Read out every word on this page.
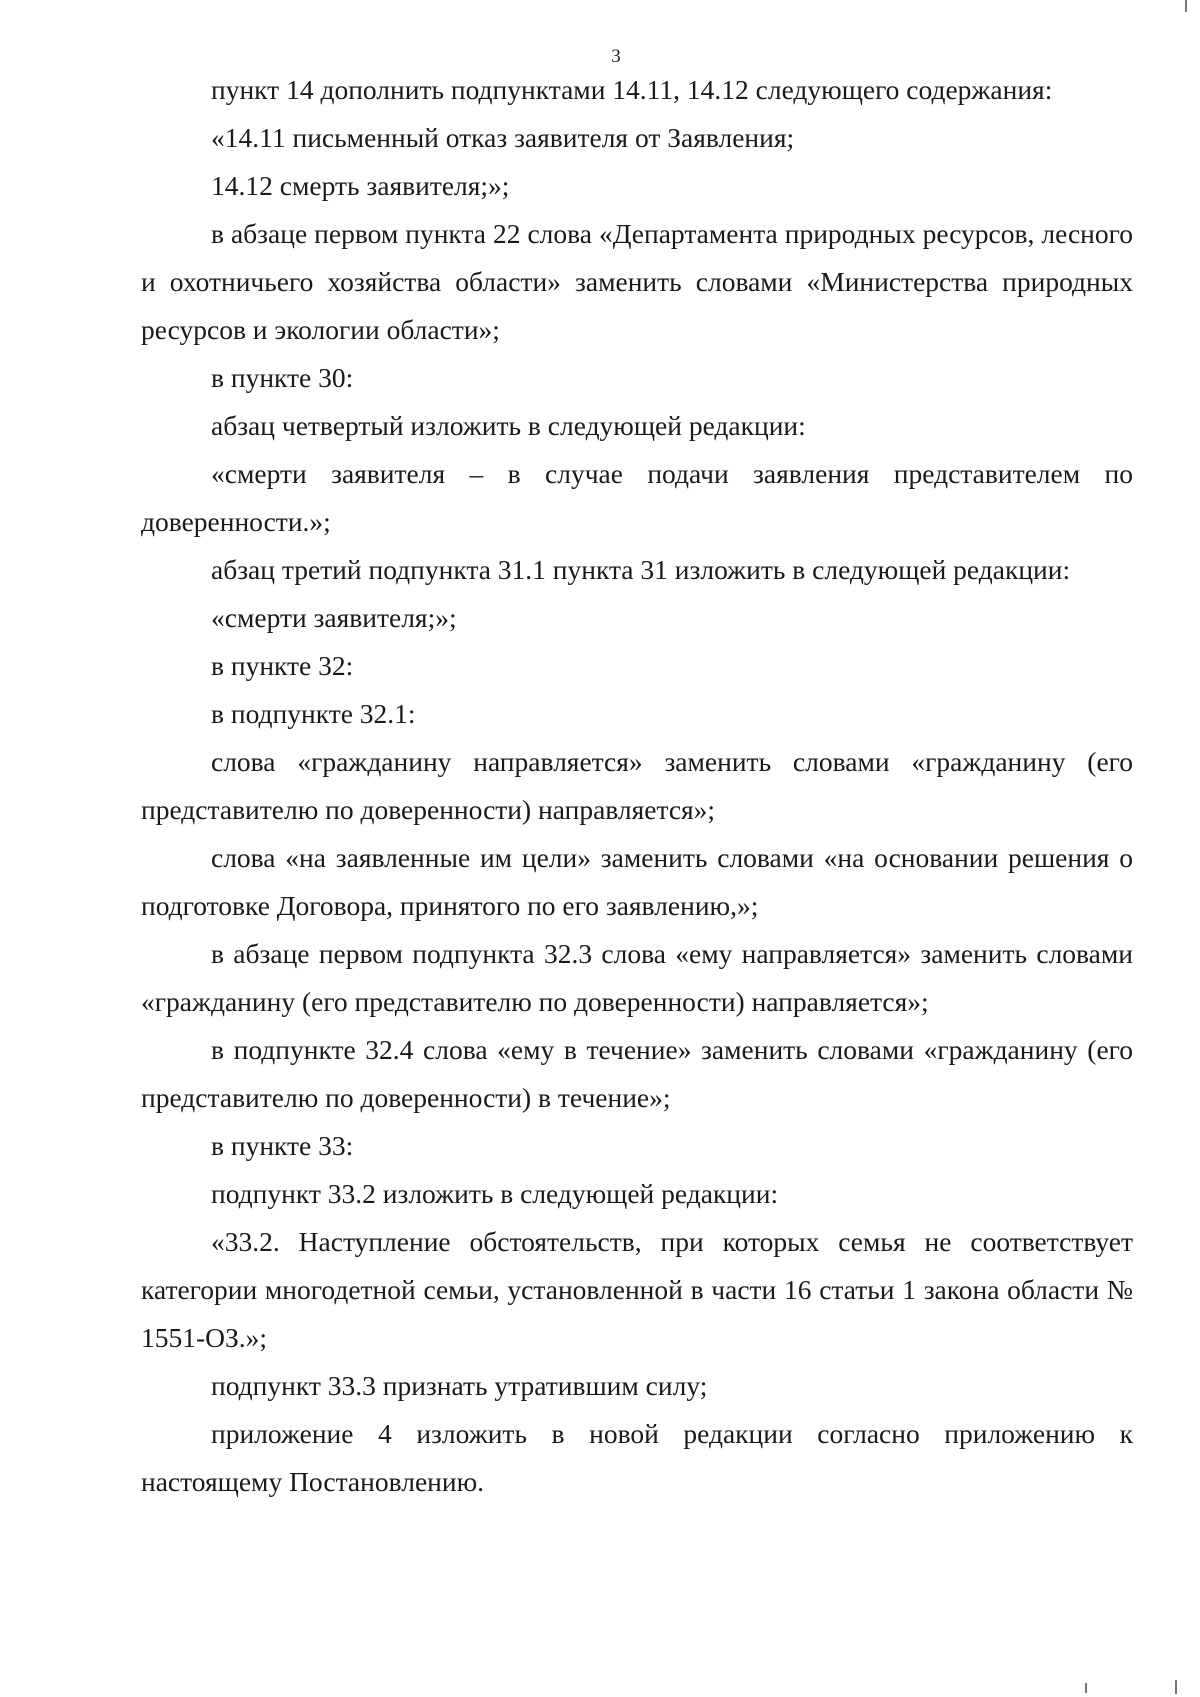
3

пункт 14 дополнить подпунктами 14.11, 14.12 следующего содержания:

«14.11 письменный отказ заявителя от Заявления;

14.12 смерть заявителя;»;

в абзаце первом пункта 22 слова «Департамента природных ресурсов, лесного и охотничьего хозяйства области» заменить словами «Министерства природных ресурсов и экологии области»;

в пункте 30:

абзац четвертый изложить в следующей редакции:

«смерти заявителя – в случае подачи заявления представителем по доверенности.»;

абзац третий подпункта 31.1 пункта 31 изложить в следующей редакции:

«смерти заявителя;»;

в пункте 32:

в подпункте 32.1:

слова «гражданину направляется» заменить словами «гражданину (его представителю по доверенности) направляется»;

слова «на заявленные им цели» заменить словами «на основании решения о подготовке Договора, принятого по его заявлению,»;

в абзаце первом подпункта 32.3 слова «ему направляется» заменить словами «гражданину (его представителю по доверенности) направляется»;

в подпункте 32.4 слова «ему в течение» заменить словами «гражданину (его представителю по доверенности) в течение»;

в пункте 33:

подпункт 33.2 изложить в следующей редакции:

«33.2. Наступление обстоятельств, при которых семья не соответствует категории многодетной семьи, установленной в части 16 статьи 1 закона области № 1551-ОЗ.»;

подпункт 33.3 признать утратившим силу;

приложение 4 изложить в новой редакции согласно приложению к настоящему Постановлению.
